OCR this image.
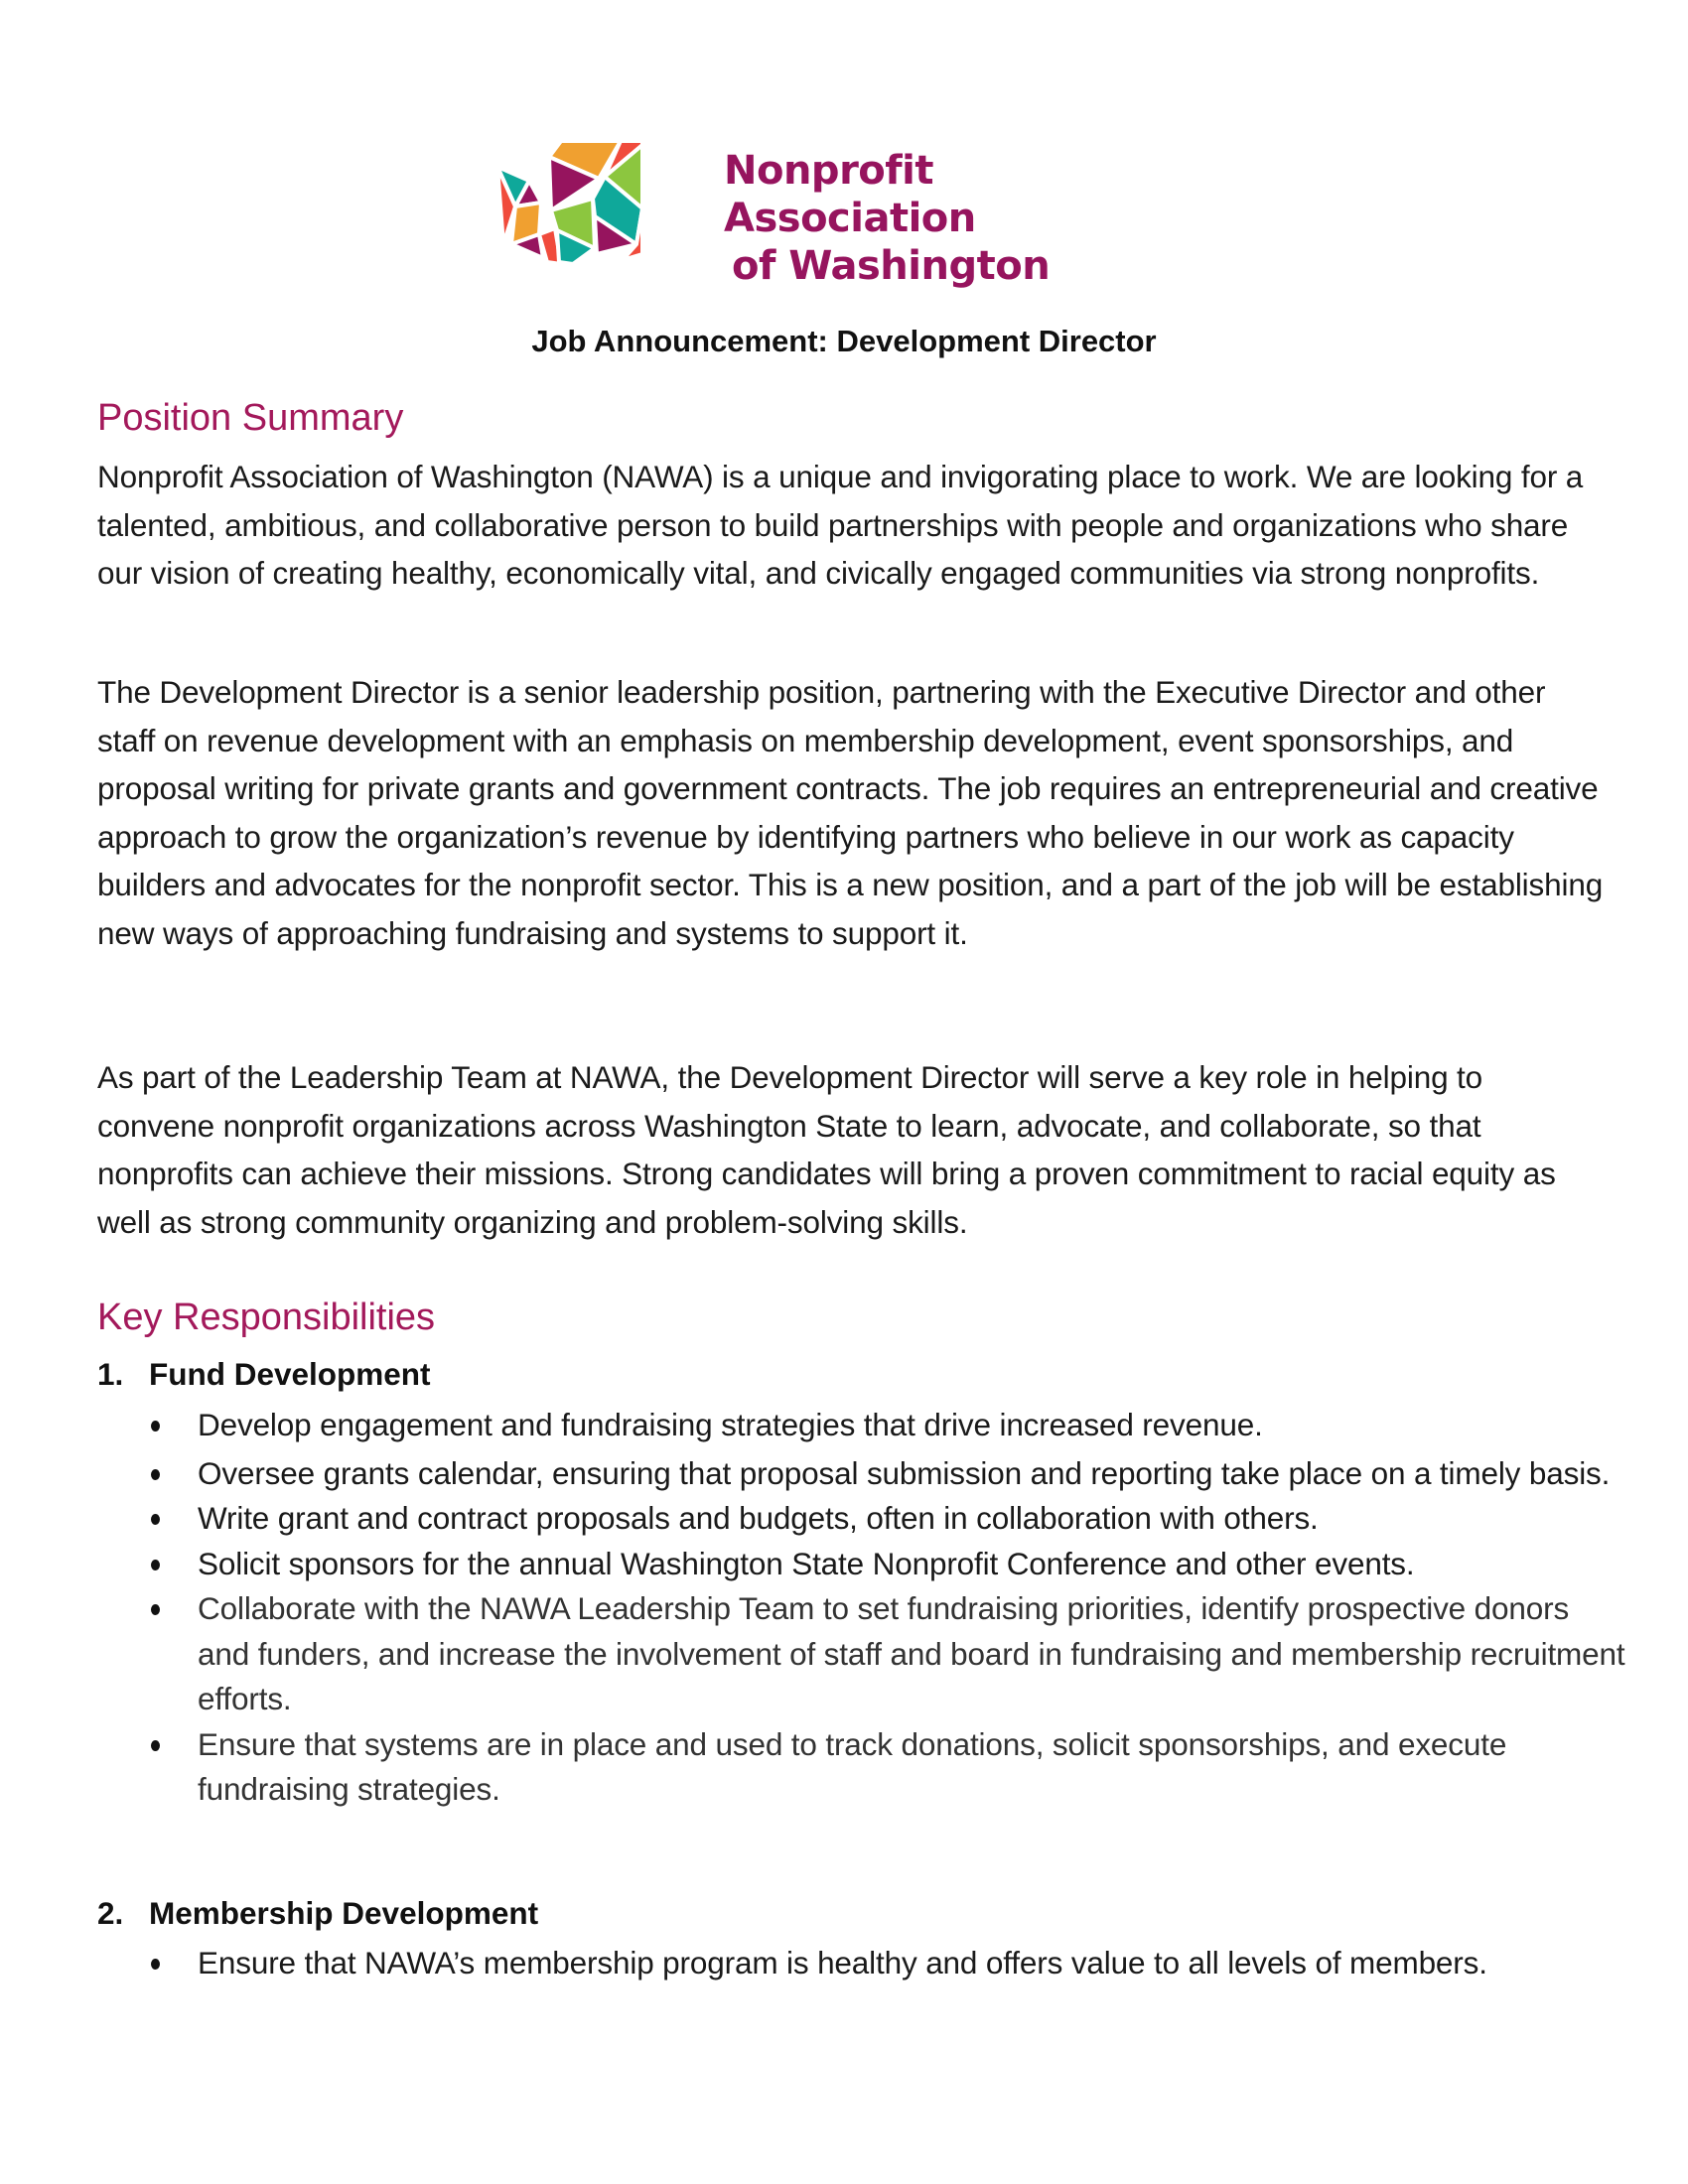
Nonprofit Association
of Washington
Job Announcement: Development Director
Position Summary

Nonprofit Association of Washington (NAWA) is a unique and invigorating place to work. We are looking for a talented, ambitious, and collaborative person to build partnerships with people and organizations who share our vision of creating healthy, economically vital, and civically engaged communities via strong nonprofits.

The Development Director is a senior leadership position, partnering with the Executive Director and other staff on revenue development with an emphasis on membership development, event sponsorships, and proposal writing for private grants and government contracts. The job requires an entrepreneurial and creative approach to grow the organization’s revenue by identifying partners who believe in our work as capacity builders and advocates for the nonprofit sector. This is a new position, and a part of the job will be establishing new ways of approaching fundraising and systems to support it.

As part of the Leadership Team at NAWA, the Development Director will serve a key role in helping to convene nonprofit organizations across Washington State to learn, advocate, and collaborate, so that nonprofits can achieve their missions. Strong candidates will bring a proven commitment to racial equity as well as strong community organizing and problem-solving skills.

Key Responsibilities
1. Fund Development
Develop engagement and fundraising strategies that drive increased revenue.
Oversee grants calendar, ensuring that proposal submission and reporting take place on a timely basis.
Write grant and contract proposals and budgets, often in collaboration with others.
Solicit sponsors for the annual Washington State Nonprofit Conference and other events.
Collaborate with the NAWA Leadership Team to set fundraising priorities, identify prospective donors and funders, and increase the involvement of staff and board in fundraising and membership recruitment efforts.
Ensure that systems are in place and used to track donations, solicit sponsorships, and execute fundraising strategies.
2. Membership Development
Ensure that NAWA’s membership program is healthy and offers value to all levels of members.
